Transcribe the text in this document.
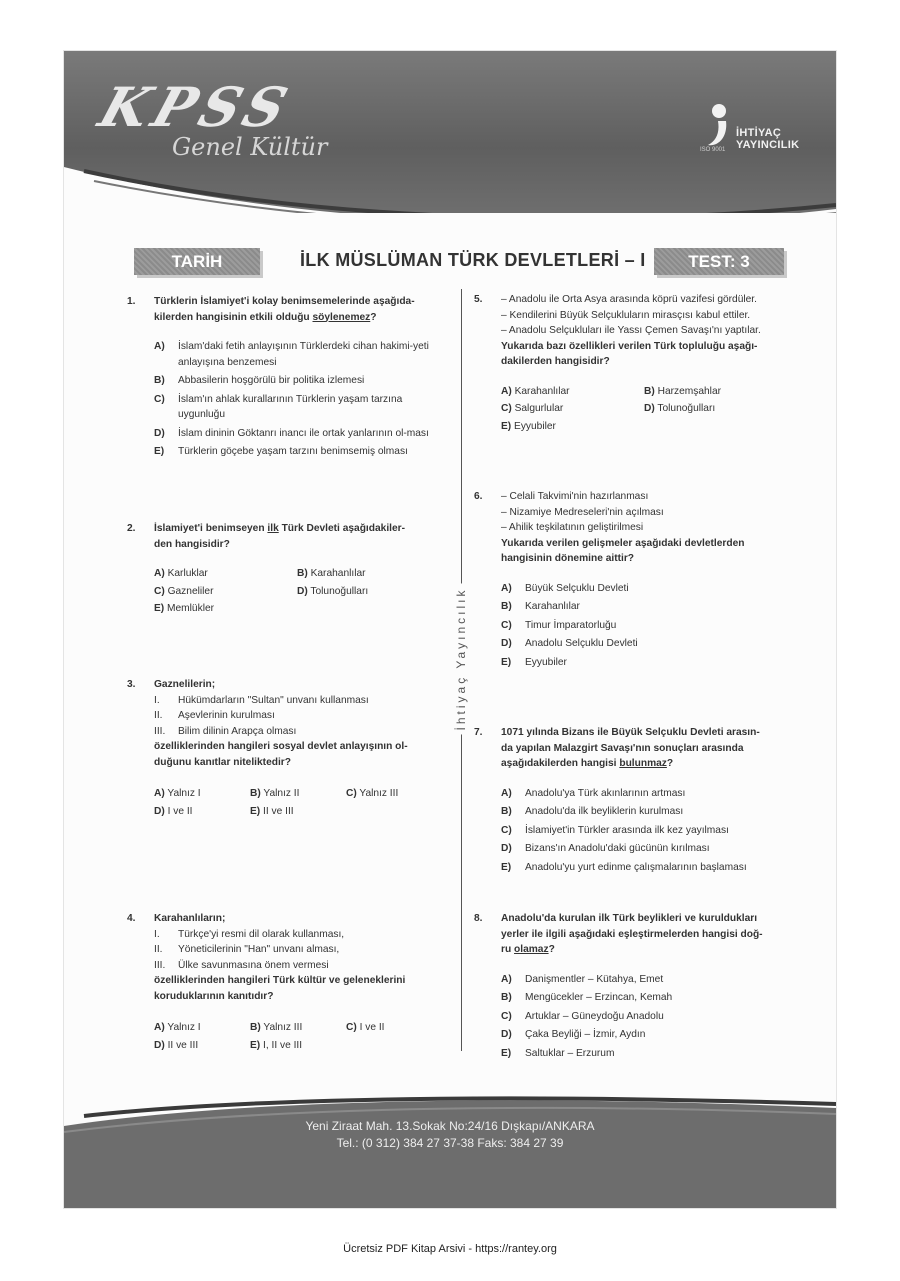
KPSS
Genel Kültür	İHTİYAÇ
YAYINCILIK
ISO 9001
TARİH	İLK MÜSLÜMAN TÜRK DEVLETLERİ – I	TEST: 3
İhtiyaç Yayıncılık
1. Türklerin İslamiyet'i kolay benimsemelerinde aşağıda-
kilerden hangisinin etkili olduğu söylenemez?
A) İslam'daki fetih anlayışının Türklerdeki cihan hakimi-yeti anlayışına benzemesi
B) Abbasilerin hoşgörülü bir politika izlemesi
C) İslam'ın ahlak kurallarının Türklerin yaşam tarzına uygunluğu
D) İslam dininin Göktanrı inancı ile ortak yanlarının ol-ması
E) Türklerin göçebe yaşam tarzını benimsemiş olması
2. İslamiyet'i benimseyen ilk Türk Devleti aşağıdakiler-
den hangisidir?
A) Karluklar	B) Karahanlılar
C) Gazneliler	D) Tolunoğulları
E) Memlükler
3. Gaznelilerin;
I. Hükümdarların "Sultan" unvanı kullanması
II. Aşevlerinin kurulması
III. Bilim dilinin Arapça olması
özelliklerinden hangileri sosyal devlet anlayışının ol-
duğunu kanıtlar niteliktedir?
A) Yalnız I	B) Yalnız II	C) Yalnız III
D) I ve II	E) II ve III
4. Karahanlıların;
I. Türkçe'yi resmi dil olarak kullanması,
II. Yöneticilerinin "Han" unvanı alması,
III. Ülke savunmasına önem vermesi
özelliklerinden hangileri Türk kültür ve geleneklerini
koruduklarının kanıtıdır?
A) Yalnız I	B) Yalnız III	C) I ve II
D) II ve III	E) I, II ve III
5. – Anadolu ile Orta Asya arasında köprü vazifesi gördüler.
– Kendilerini Büyük Selçukluların mirasçısı kabul ettiler.
– Anadolu Selçukluları ile Yassı Çemen Savaşı'nı yaptılar.
Yukarıda bazı özellikleri verilen Türk topluluğu aşağı-
dakilerden hangisidir?
A) Karahanlılar	B) Harzemşahlar
C) Salgurlular	D) Tolunoğulları
E) Eyyubiler
6. – Celali Takvimi'nin hazırlanması
– Nizamiye Medreseleri'nin açılması
– Ahilik teşkilatının geliştirilmesi
Yukarıda verilen gelişmeler aşağıdaki devletlerden
hangisinin dönemine aittir?
A) Büyük Selçuklu Devleti
B) Karahanlılar
C) Timur İmparatorluğu
D) Anadolu Selçuklu Devleti
E) Eyyubiler
7. 1071 yılında Bizans ile Büyük Selçuklu Devleti arasın-
da yapılan Malazgirt Savaşı'nın sonuçları arasında
aşağıdakilerden hangisi bulunmaz?
A) Anadolu'ya Türk akınlarının artması
B) Anadolu'da ilk beyliklerin kurulması
C) İslamiyet'in Türkler arasında ilk kez yayılması
D) Bizans'ın Anadolu'daki gücünün kırılması
E) Anadolu'yu yurt edinme çalışmalarının başlaması
8. Anadolu'da kurulan ilk Türk beylikleri ve kuruldukları
yerler ile ilgili aşağıdaki eşleştirmelerden hangisi doğ-
ru olamaz?
A) Danişmentler – Kütahya, Emet
B) Mengücekler – Erzincan, Kemah
C) Artuklar – Güneydoğu Anadolu
D) Çaka Beyliği – İzmir, Aydın
E) Saltuklar – Erzurum
Yeni Ziraat Mah. 13.Sokak No:24/16 Dışkapı/ANKARA
Tel.: (0 312) 384 27 37-38 Faks: 384 27 39
Ücretsiz PDF Kitap Arsivi - https://rantey.org
